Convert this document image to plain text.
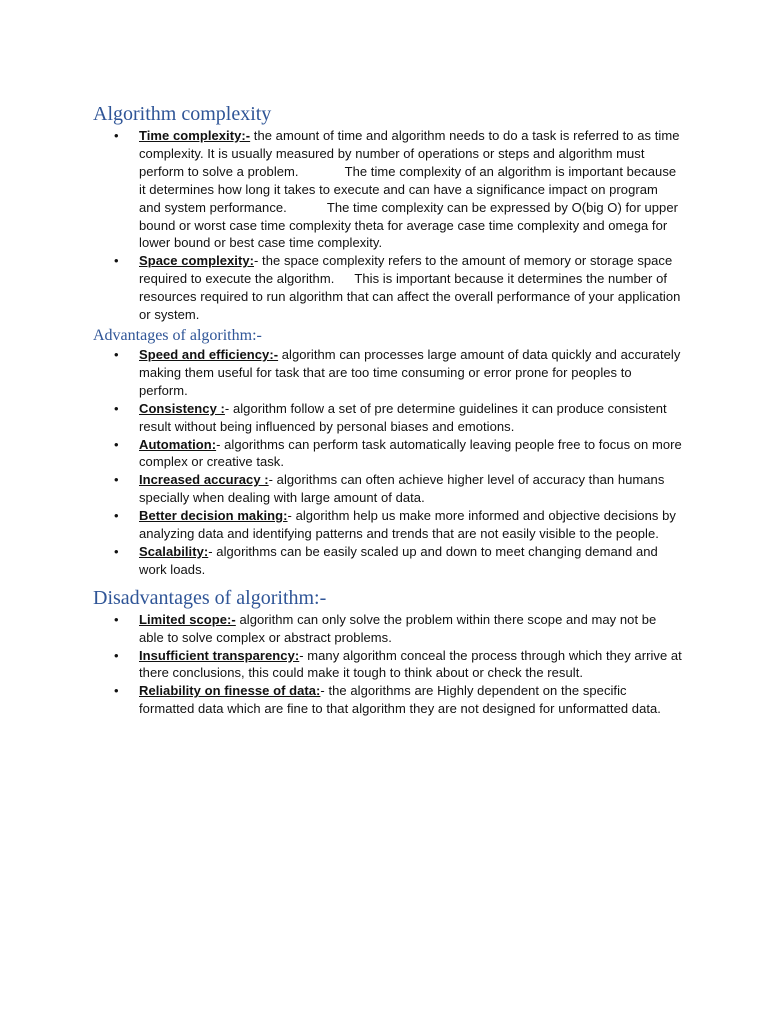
Algorithm complexity
• Time complexity:- the amount of time and algorithm needs to do a task is referred to as time complexity. It is usually measured by number of operations or steps and algorithm must perform to solve a problem.	The time complexity of an algorithm is important because it determines how long it takes to execute and can have a significance impact on program and system performance.	The time complexity can be expressed by O(big O) for upper bound or worst case time complexity theta for average case time complexity and omega for lower bound or best case time complexity.
• Space complexity:- the space complexity refers to the amount of memory or storage space required to execute the algorithm. This is important because it determines the number of resources required to run algorithm that can affect the overall performance of your application or system.
Advantages of algorithm:-
• Speed and efficiency:- algorithm can processes large amount of data quickly and accurately making them useful for task that are too time consuming or error prone for peoples to perform.
• Consistency :- algorithm follow a set of pre determine guidelines it can produce consistent result without being influenced by personal biases and emotions.
• Automation:- algorithms can perform task automatically leaving people free to focus on more complex or creative task.
• Increased accuracy :- algorithms can often achieve higher level of accuracy than humans specially when dealing with large amount of data.
• Better decision making:- algorithm help us make more informed and objective decisions by analyzing data and identifying patterns and trends that are not easily visible to the people.
• Scalability:- algorithms can be easily scaled up and down to meet changing demand and work loads.
Disadvantages of algorithm:-
• Limited scope:- algorithm can only solve the problem within there scope and may not be able to solve complex or abstract problems.
• Insufficient transparency:- many algorithm conceal the process through which they arrive at there conclusions, this could make it tough to think about or check the result.
• Reliability on finesse of data:- the algorithms are Highly dependent on the specific formatted data which are fine to that algorithm they are not designed for unformatted data.
